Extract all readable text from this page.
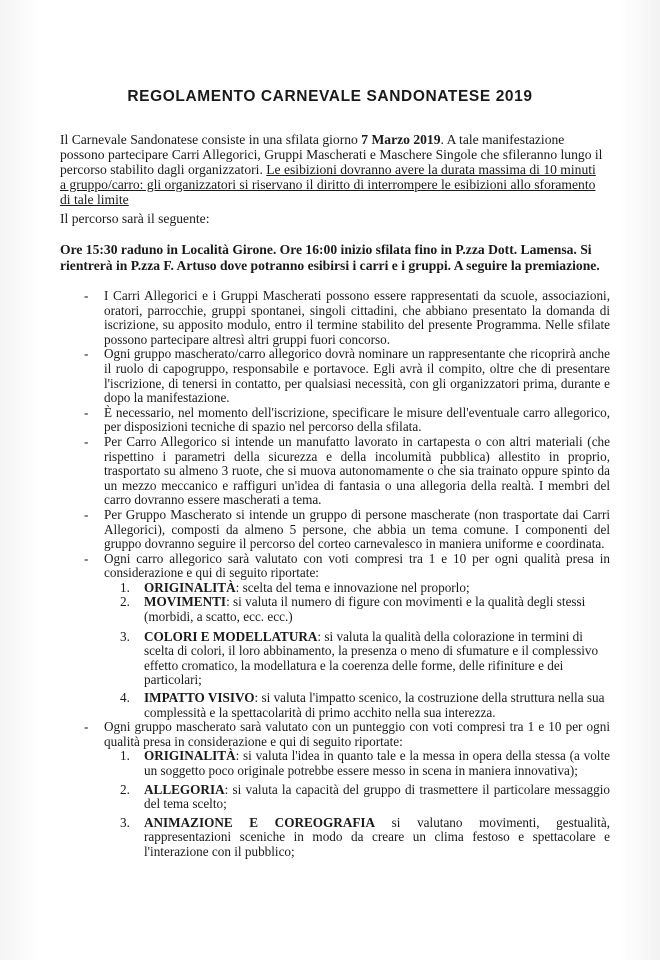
REGOLAMENTO CARNEVALE SANDONATESE 2019
Il Carnevale Sandonatese consiste in una sfilata giorno 7 Marzo 2019. A tale manifestazione possono partecipare Carri Allegorici, Gruppi Mascherati e Maschere Singole che sfileranno lungo il percorso stabilito dagli organizzatori. Le esibizioni dovranno avere la durata massima di 10 minuti a gruppo/carro: gli organizzatori si riservano il diritto di interrompere le esibizioni allo sforamento di tale limite
Il percorso sarà il seguente:
Ore 15:30 raduno in Località Girone. Ore 16:00 inizio sfilata fino in P.zza Dott. Lamensa. Si rientrerà in P.zza F. Artuso dove potranno esibirsi i carri e i gruppi. A seguire la premiazione.
- I Carri Allegorici e i Gruppi Mascherati possono essere rappresentati da scuole, associazioni, oratori, parrocchie, gruppi spontanei, singoli cittadini, che abbiano presentato la domanda di iscrizione, su apposito modulo, entro il termine stabilito del presente Programma. Nelle sfilate possono partecipare altresì altri gruppi fuori concorso.
- Ogni gruppo mascherato/carro allegorico dovrà nominare un rappresentante che ricoprirà anche il ruolo di capogruppo, responsabile e portavoce. Egli avrà il compito, oltre che di presentare l'iscrizione, di tenersi in contatto, per qualsiasi necessità, con gli organizzatori prima, durante e dopo la manifestazione.
- È necessario, nel momento dell'iscrizione, specificare le misure dell'eventuale carro allegorico, per disposizioni tecniche di spazio nel percorso della sfilata.
- Per Carro Allegorico si intende un manufatto lavorato in cartapesta o con altri materiali (che rispettino i parametri della sicurezza e della incolumità pubblica) allestito in proprio, trasportato su almeno 3 ruote, che si muova autonomamente o che sia trainato oppure spinto da un mezzo meccanico e raffiguri un'idea di fantasia o una allegoria della realtà. I membri del carro dovranno essere mascherati a tema.
- Per Gruppo Mascherato si intende un gruppo di persone mascherate (non trasportate dai Carri Allegorici), composti da almeno 5 persone, che abbia un tema comune. I componenti del gruppo dovranno seguire il percorso del corteo carnevalesco in maniera uniforme e coordinata.
- Ogni carro allegorico sarà valutato con voti compresi tra 1 e 10 per ogni qualità presa in considerazione e qui di seguito riportate:
1. ORIGINALITÀ: scelta del tema e innovazione nel proporlo;
2. MOVIMENTI: si valuta il numero di figure con movimenti e la qualità degli stessi (morbidi, a scatto, ecc. ecc.)
3. COLORI E MODELLATURA: si valuta la qualità della colorazione in termini di scelta di colori, il loro abbinamento, la presenza o meno di sfumature e il complessivo effetto cromatico, la modellatura e la coerenza delle forme, delle rifiniture e dei particolari;
4. IMPATTO VISIVO: si valuta l'impatto scenico, la costruzione della struttura nella sua complessità e la spettacolarità di primo acchito nella sua interezza.
- Ogni gruppo mascherato sarà valutato con un punteggio con voti compresi tra 1 e 10 per ogni qualità presa in considerazione e qui di seguito riportate:
1. ORIGINALITÀ: si valuta l'idea in quanto tale e la messa in opera della stessa (a volte un soggetto poco originale potrebbe essere messo in scena in maniera innovativa);
2. ALLEGORIA: si valuta la capacità del gruppo di trasmettere il particolare messaggio del tema scelto;
3. ANIMAZIONE E COREOGRAFIA si valutano movimenti, gestualità, rappresentazioni sceniche in modo da creare un clima festoso e spettacolare e l'interazione con il pubblico;
